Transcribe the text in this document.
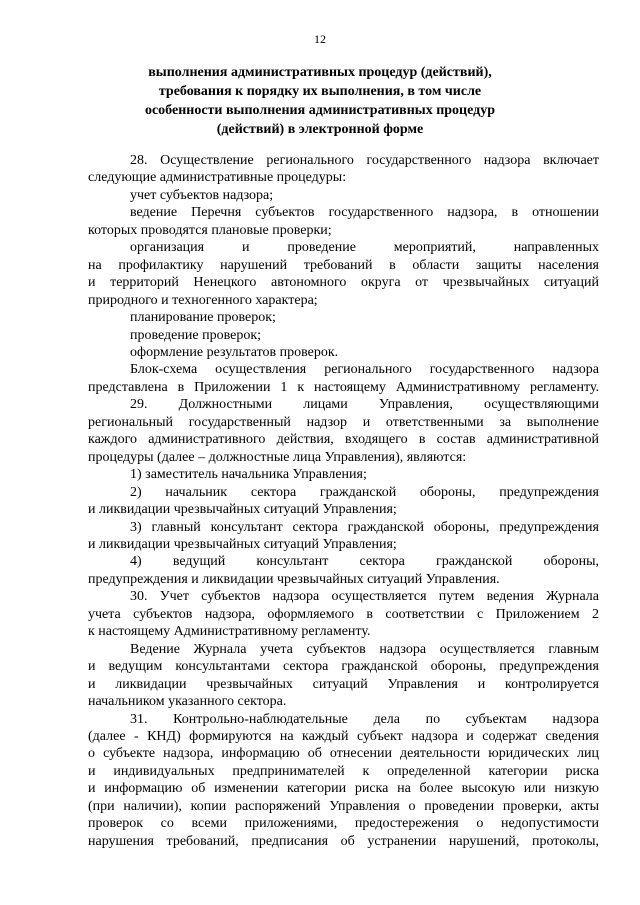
12
выполнения административных процедур (действий),
требования к порядку их выполнения, в том числе
особенности выполнения административных процедур
(действий) в электронной форме
28. Осуществление регионального государственного надзора включает
следующие административные процедуры:
учет субъектов надзора;
ведение Перечня субъектов государственного надзора, в отношении
которых проводятся плановые проверки;
организация и проведение мероприятий, направленных
на профилактику нарушений требований в области защиты населения
и территорий Ненецкого автономного округа от чрезвычайных ситуаций
природного и техногенного характера;
планирование проверок;
проведение проверок;
оформление результатов проверок.
Блок-схема осуществления регионального государственного надзора
представлена в Приложении 1 к настоящему Административному регламенту.
29. Должностными лицами Управления, осуществляющими
региональный государственный надзор и ответственными за выполнение
каждого административного действия, входящего в состав административной
процедуры (далее – должностные лица Управления), являются:
1) заместитель начальника Управления;
2) начальник сектора гражданской обороны, предупреждения
и ликвидации чрезвычайных ситуаций Управления;
3) главный консультант сектора гражданской обороны, предупреждения
и ликвидации чрезвычайных ситуаций Управления;
4) ведущий консультант сектора гражданской обороны,
предупреждения и ликвидации чрезвычайных ситуаций Управления.
30. Учет субъектов надзора осуществляется путем ведения Журнала
учета субъектов надзора, оформляемого в соответствии с Приложением 2
к настоящему Административному регламенту.
Ведение Журнала учета субъектов надзора осуществляется главным
и ведущим консультантами сектора гражданской обороны, предупреждения
и ликвидации чрезвычайных ситуаций Управления и контролируется
начальником указанного сектора.
31. Контрольно-наблюдательные дела по субъектам надзора
(далее - КНД) формируются на каждый субъект надзора и содержат сведения
о субъекте надзора, информацию об отнесении деятельности юридических лиц
и индивидуальных предпринимателей к определенной категории риска
и информацию об изменении категории риска на более высокую или низкую
(при наличии), копии распоряжений Управления о проведении проверки, акты
проверок со всеми приложениями, предостережения о недопустимости
нарушения требований, предписания об устранении нарушений, протоколы,
